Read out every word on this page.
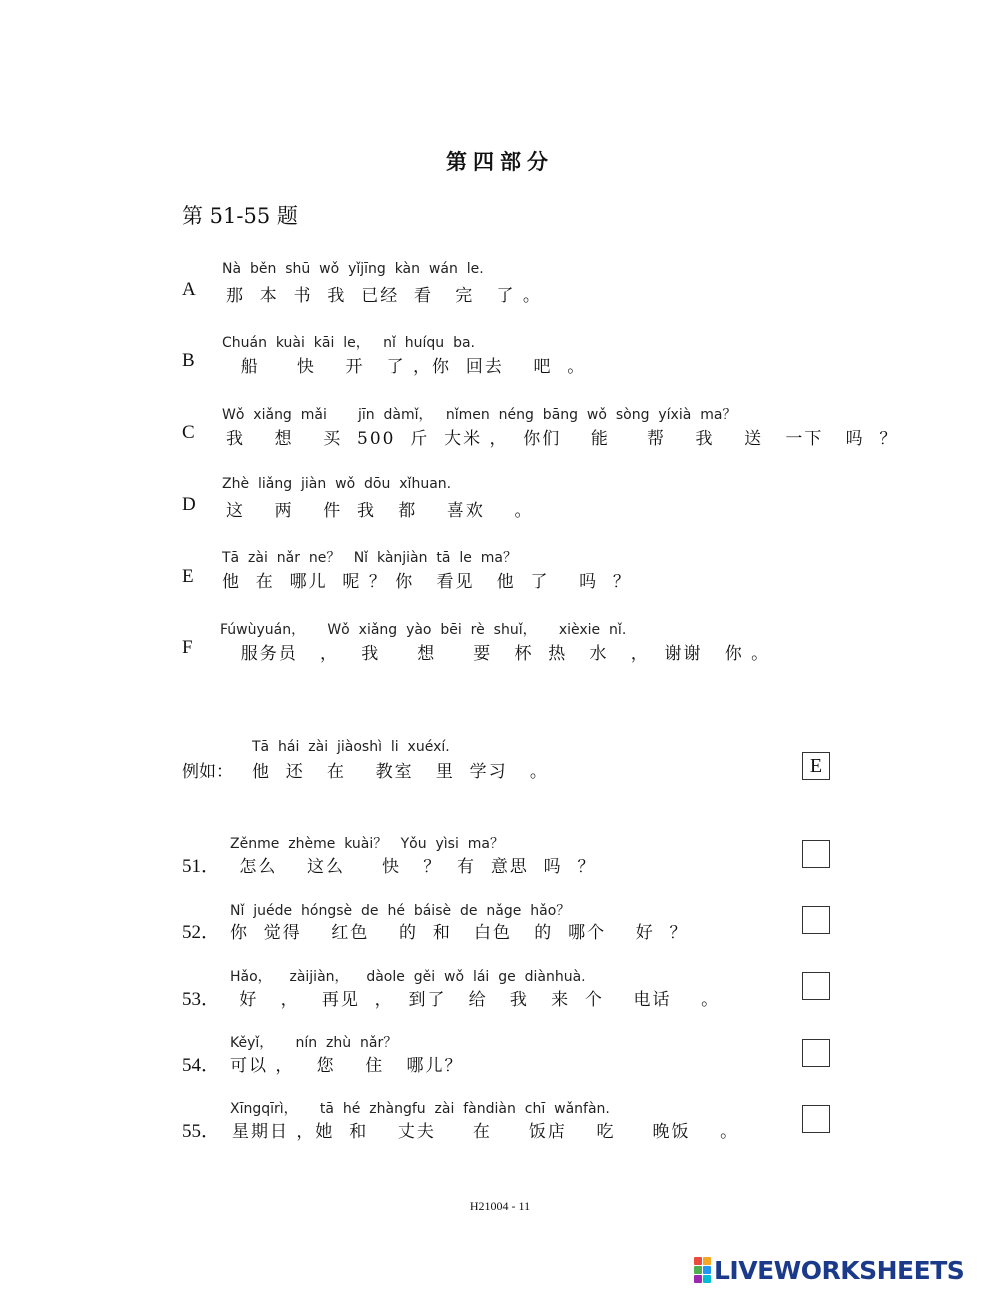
第四部分
第 51-55 题
Nà  běn  shū  wǒ  yǐjīng  kàn  wán  le.
A 那  本  书  我  已经  看   完   了 。
Chuán  kuài  kāi  le，   nǐ  huíqu  ba.
B 船     快    开   了 ，你  回去    吧  。
Wǒ  xiǎng  mǎi       jīn  dàmǐ，   nǐmen  néng  bāng  wǒ  sòng  yíxià  ma？
C 我    想    买  500  斤  大米 ，  你们    能     帮    我    送   一下   吗  ？
Zhè  liǎng  jiàn  wǒ  dōu  xǐhuan.
D 这    两    件  我   都    喜欢    。
Tā  zài  nǎr  ne？   Nǐ  kànjiàn  tā  le  ma？
E 他  在  哪儿  呢 ？ 你   看见   他  了    吗  ？
Fúwùyuán，     Wǒ  xiǎng  yào  bēi  rè  shuǐ，     xièxie  nǐ.
F 服务员   ，   我     想     要   杯  热   水   ，  谢谢   你 。
Tā  hái  zài  jiàoshì  li  xuéxí.
例如： 他  还   在    教室   里  学习   。	E
Zěnme  zhème  kuài？   Yǒu  yìsi  ma？
51． 怎么    这么     快   ？  有  意思  吗  ？
Nǐ  juéde  hóngsè  de  hé  báisè  de  nǎge  hǎo？
52． 你  觉得    红色    的  和   白色   的  哪个    好  ？
Hǎo，    zàijiàn，    dàole  gěi  wǒ  lái  ge  diànhuà.
53． 好   ，   再见  ，  到了   给   我   来  个    电话    。
Kěyǐ，     nín  zhù  nǎr？
54． 可以 ，   您    住   哪儿？
Xīngqīrì，     tā  hé  zhàngfu  zài  fàndiàn  chī  wǎnfàn.
55． 星期日 ，她  和    丈夫     在     饭店    吃     晚饭    。
H21004 - 11
LIVEWORKSHEETS
